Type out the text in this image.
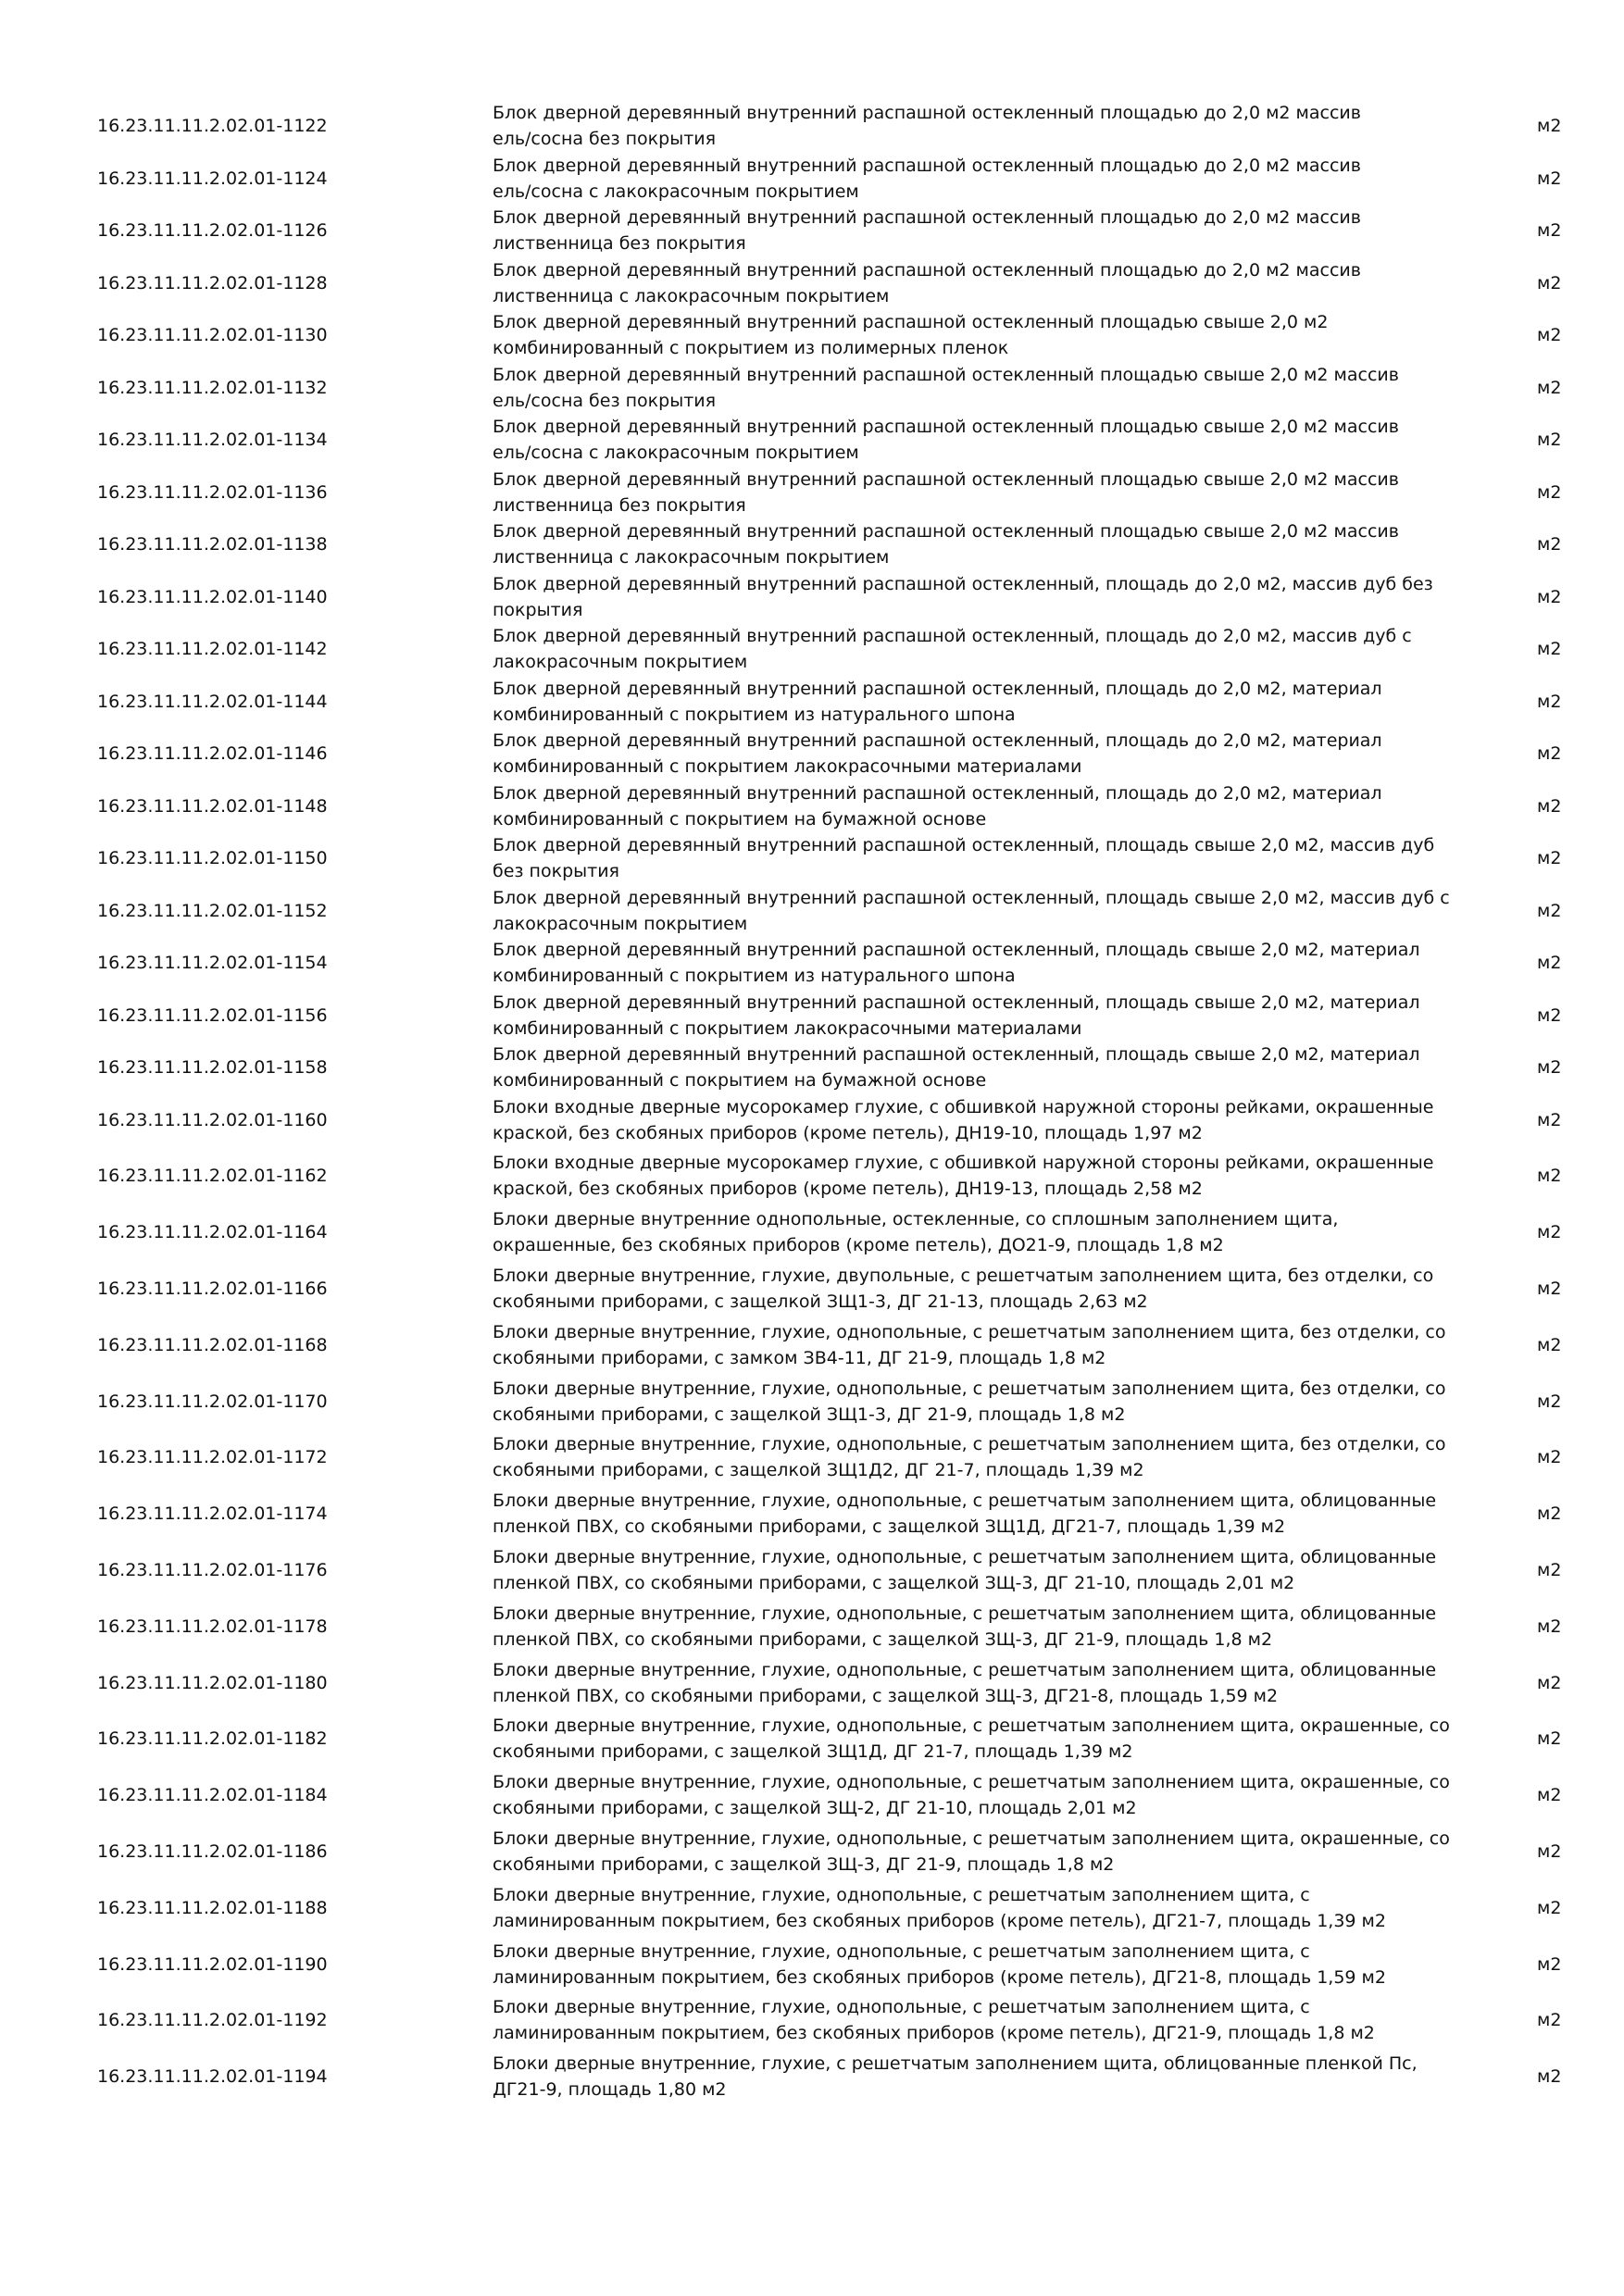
16.23.11.11.2.02.01-1122
Блок дверной деревянный внутренний распашной остекленный площадью до 2,0 м2 массив
ель/сосна без покрытия
м2
16.23.11.11.2.02.01-1124
Блок дверной деревянный внутренний распашной остекленный площадью до 2,0 м2 массив
ель/сосна с лакокрасочным покрытием
м2
16.23.11.11.2.02.01-1126
Блок дверной деревянный внутренний распашной остекленный площадью до 2,0 м2 массив
лиственница без покрытия
м2
16.23.11.11.2.02.01-1128
Блок дверной деревянный внутренний распашной остекленный площадью до 2,0 м2 массив
лиственница с лакокрасочным покрытием
м2
16.23.11.11.2.02.01-1130
Блок дверной деревянный внутренний распашной остекленный площадью свыше 2,0 м2
комбинированный с покрытием из полимерных пленок
м2
16.23.11.11.2.02.01-1132
Блок дверной деревянный внутренний распашной остекленный площадью свыше 2,0 м2 массив
ель/сосна без покрытия
м2
16.23.11.11.2.02.01-1134
Блок дверной деревянный внутренний распашной остекленный площадью свыше 2,0 м2 массив
ель/сосна с лакокрасочным покрытием
м2
16.23.11.11.2.02.01-1136
Блок дверной деревянный внутренний распашной остекленный площадью свыше 2,0 м2 массив
лиственница без покрытия
м2
16.23.11.11.2.02.01-1138
Блок дверной деревянный внутренний распашной остекленный площадью свыше 2,0 м2 массив
лиственница с лакокрасочным покрытием
м2
16.23.11.11.2.02.01-1140
Блок дверной деревянный внутренний распашной остекленный, площадь до 2,0 м2, массив дуб без
покрытия
м2
16.23.11.11.2.02.01-1142
Блок дверной деревянный внутренний распашной остекленный, площадь до 2,0 м2, массив дуб с
лакокрасочным покрытием
м2
16.23.11.11.2.02.01-1144
Блок дверной деревянный внутренний распашной остекленный, площадь до 2,0 м2, материал
комбинированный с покрытием из натурального шпона
м2
16.23.11.11.2.02.01-1146
Блок дверной деревянный внутренний распашной остекленный, площадь до 2,0 м2, материал
комбинированный с покрытием лакокрасочными материалами
м2
16.23.11.11.2.02.01-1148
Блок дверной деревянный внутренний распашной остекленный, площадь до 2,0 м2, материал
комбинированный с покрытием на бумажной основе
м2
16.23.11.11.2.02.01-1150
Блок дверной деревянный внутренний распашной остекленный, площадь свыше 2,0 м2, массив дуб
без покрытия
м2
16.23.11.11.2.02.01-1152
Блок дверной деревянный внутренний распашной остекленный, площадь свыше 2,0 м2, массив дуб с
лакокрасочным покрытием
м2
16.23.11.11.2.02.01-1154
Блок дверной деревянный внутренний распашной остекленный, площадь свыше 2,0 м2, материал
комбинированный с покрытием из натурального шпона
м2
16.23.11.11.2.02.01-1156
Блок дверной деревянный внутренний распашной остекленный, площадь свыше 2,0 м2, материал
комбинированный с покрытием лакокрасочными материалами
м2
16.23.11.11.2.02.01-1158
Блок дверной деревянный внутренний распашной остекленный, площадь свыше 2,0 м2, материал
комбинированный с покрытием на бумажной основе
м2
16.23.11.11.2.02.01-1160
Блоки входные дверные мусорокамер глухие, с обшивкой наружной стороны рейками, окрашенные
краской, без скобяных приборов (кроме петель), ДН19-10, площадь 1,97 м2
м2
16.23.11.11.2.02.01-1162
Блоки входные дверные мусорокамер глухие, с обшивкой наружной стороны рейками, окрашенные
краской, без скобяных приборов (кроме петель), ДН19-13, площадь 2,58 м2
м2
16.23.11.11.2.02.01-1164
Блоки дверные внутренние однопольные, остекленные, со сплошным заполнением щита,
окрашенные, без скобяных приборов (кроме петель), ДО21-9, площадь 1,8 м2
м2
16.23.11.11.2.02.01-1166
Блоки дверные внутренние, глухие, двупольные, с решетчатым заполнением щита, без отделки, со
скобяными приборами, с защелкой ЗЩ1-3, ДГ 21-13, площадь 2,63 м2
м2
16.23.11.11.2.02.01-1168
Блоки дверные внутренние, глухие, однопольные, с решетчатым заполнением щита, без отделки, со
скобяными приборами, с замком ЗВ4-11, ДГ 21-9, площадь 1,8 м2
м2
16.23.11.11.2.02.01-1170
Блоки дверные внутренние, глухие, однопольные, с решетчатым заполнением щита, без отделки, со
скобяными приборами, с защелкой ЗЩ1-3, ДГ 21-9, площадь 1,8 м2
м2
16.23.11.11.2.02.01-1172
Блоки дверные внутренние, глухие, однопольные, с решетчатым заполнением щита, без отделки, со
скобяными приборами, с защелкой ЗЩ1Д2, ДГ 21-7, площадь 1,39 м2
м2
16.23.11.11.2.02.01-1174
Блоки дверные внутренние, глухие, однопольные, с решетчатым заполнением щита, облицованные
пленкой ПВХ, со скобяными приборами, с защелкой ЗЩ1Д, ДГ21-7, площадь 1,39 м2
м2
16.23.11.11.2.02.01-1176
Блоки дверные внутренние, глухие, однопольные, с решетчатым заполнением щита, облицованные
пленкой ПВХ, со скобяными приборами, с защелкой ЗЩ-3, ДГ 21-10, площадь 2,01 м2
м2
16.23.11.11.2.02.01-1178
Блоки дверные внутренние, глухие, однопольные, с решетчатым заполнением щита, облицованные
пленкой ПВХ, со скобяными приборами, с защелкой ЗЩ-3, ДГ 21-9, площадь 1,8 м2
м2
16.23.11.11.2.02.01-1180
Блоки дверные внутренние, глухие, однопольные, с решетчатым заполнением щита, облицованные
пленкой ПВХ, со скобяными приборами, с защелкой ЗЩ-3, ДГ21-8, площадь 1,59 м2
м2
16.23.11.11.2.02.01-1182
Блоки дверные внутренние, глухие, однопольные, с решетчатым заполнением щита, окрашенные, со
скобяными приборами, с защелкой ЗЩ1Д, ДГ 21-7, площадь 1,39 м2
м2
16.23.11.11.2.02.01-1184
Блоки дверные внутренние, глухие, однопольные, с решетчатым заполнением щита, окрашенные, со
скобяными приборами, с защелкой ЗЩ-2, ДГ 21-10, площадь 2,01 м2
м2
16.23.11.11.2.02.01-1186
Блоки дверные внутренние, глухие, однопольные, с решетчатым заполнением щита, окрашенные, со
скобяными приборами, с защелкой ЗЩ-3, ДГ 21-9, площадь 1,8 м2
м2
16.23.11.11.2.02.01-1188
Блоки дверные внутренние, глухие, однопольные, с решетчатым заполнением щита, с
ламинированным покрытием, без скобяных приборов (кроме петель), ДГ21-7, площадь 1,39 м2
м2
16.23.11.11.2.02.01-1190
Блоки дверные внутренние, глухие, однопольные, с решетчатым заполнением щита, с
ламинированным покрытием, без скобяных приборов (кроме петель), ДГ21-8, площадь 1,59 м2
м2
16.23.11.11.2.02.01-1192
Блоки дверные внутренние, глухие, однопольные, с решетчатым заполнением щита, с
ламинированным покрытием, без скобяных приборов (кроме петель), ДГ21-9, площадь 1,8 м2
м2
16.23.11.11.2.02.01-1194
Блоки дверные внутренние, глухие, с решетчатым заполнением щита, облицованные пленкой Пс,
ДГ21-9, площадь 1,80 м2
м2
